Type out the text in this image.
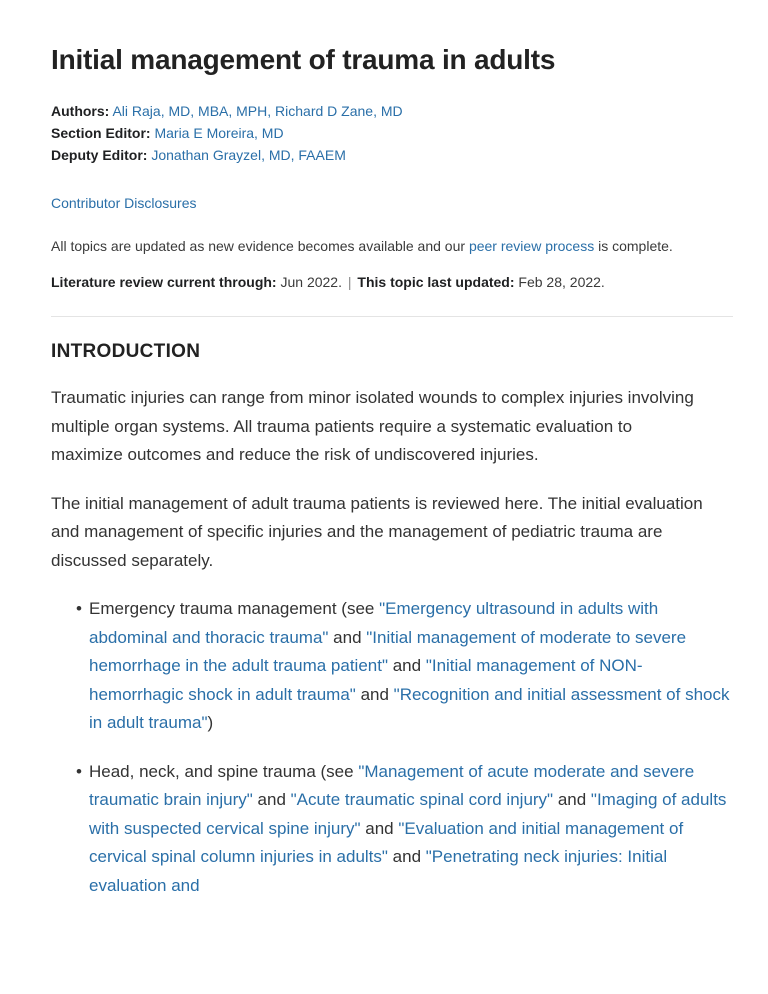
Initial management of trauma in adults
Authors: Ali Raja, MD, MBA, MPH, Richard D Zane, MD
Section Editor: Maria E Moreira, MD
Deputy Editor: Jonathan Grayzel, MD, FAAEM
Contributor Disclosures

All topics are updated as new evidence becomes available and our peer review process is complete.

Literature review current through: Jun 2022. | This topic last updated: Feb 28, 2022.

INTRODUCTION

Traumatic injuries can range from minor isolated wounds to complex injuries involving multiple organ systems. All trauma patients require a systematic evaluation to maximize outcomes and reduce the risk of undiscovered injuries.

The initial management of adult trauma patients is reviewed here. The initial evaluation and management of specific injuries and the management of pediatric trauma are discussed separately.

• Emergency trauma management (see "Emergency ultrasound in adults with abdominal and thoracic trauma" and "Initial management of moderate to severe hemorrhage in the adult trauma patient" and "Initial management of NON-hemorrhagic shock in adult trauma" and "Recognition and initial assessment of shock in adult trauma")
• Head, neck, and spine trauma (see "Management of acute moderate and severe traumatic brain injury" and "Acute traumatic spinal cord injury" and "Imaging of adults with suspected cervical spine injury" and "Evaluation and initial management of cervical spinal column injuries in adults" and "Penetrating neck injuries: Initial evaluation and
